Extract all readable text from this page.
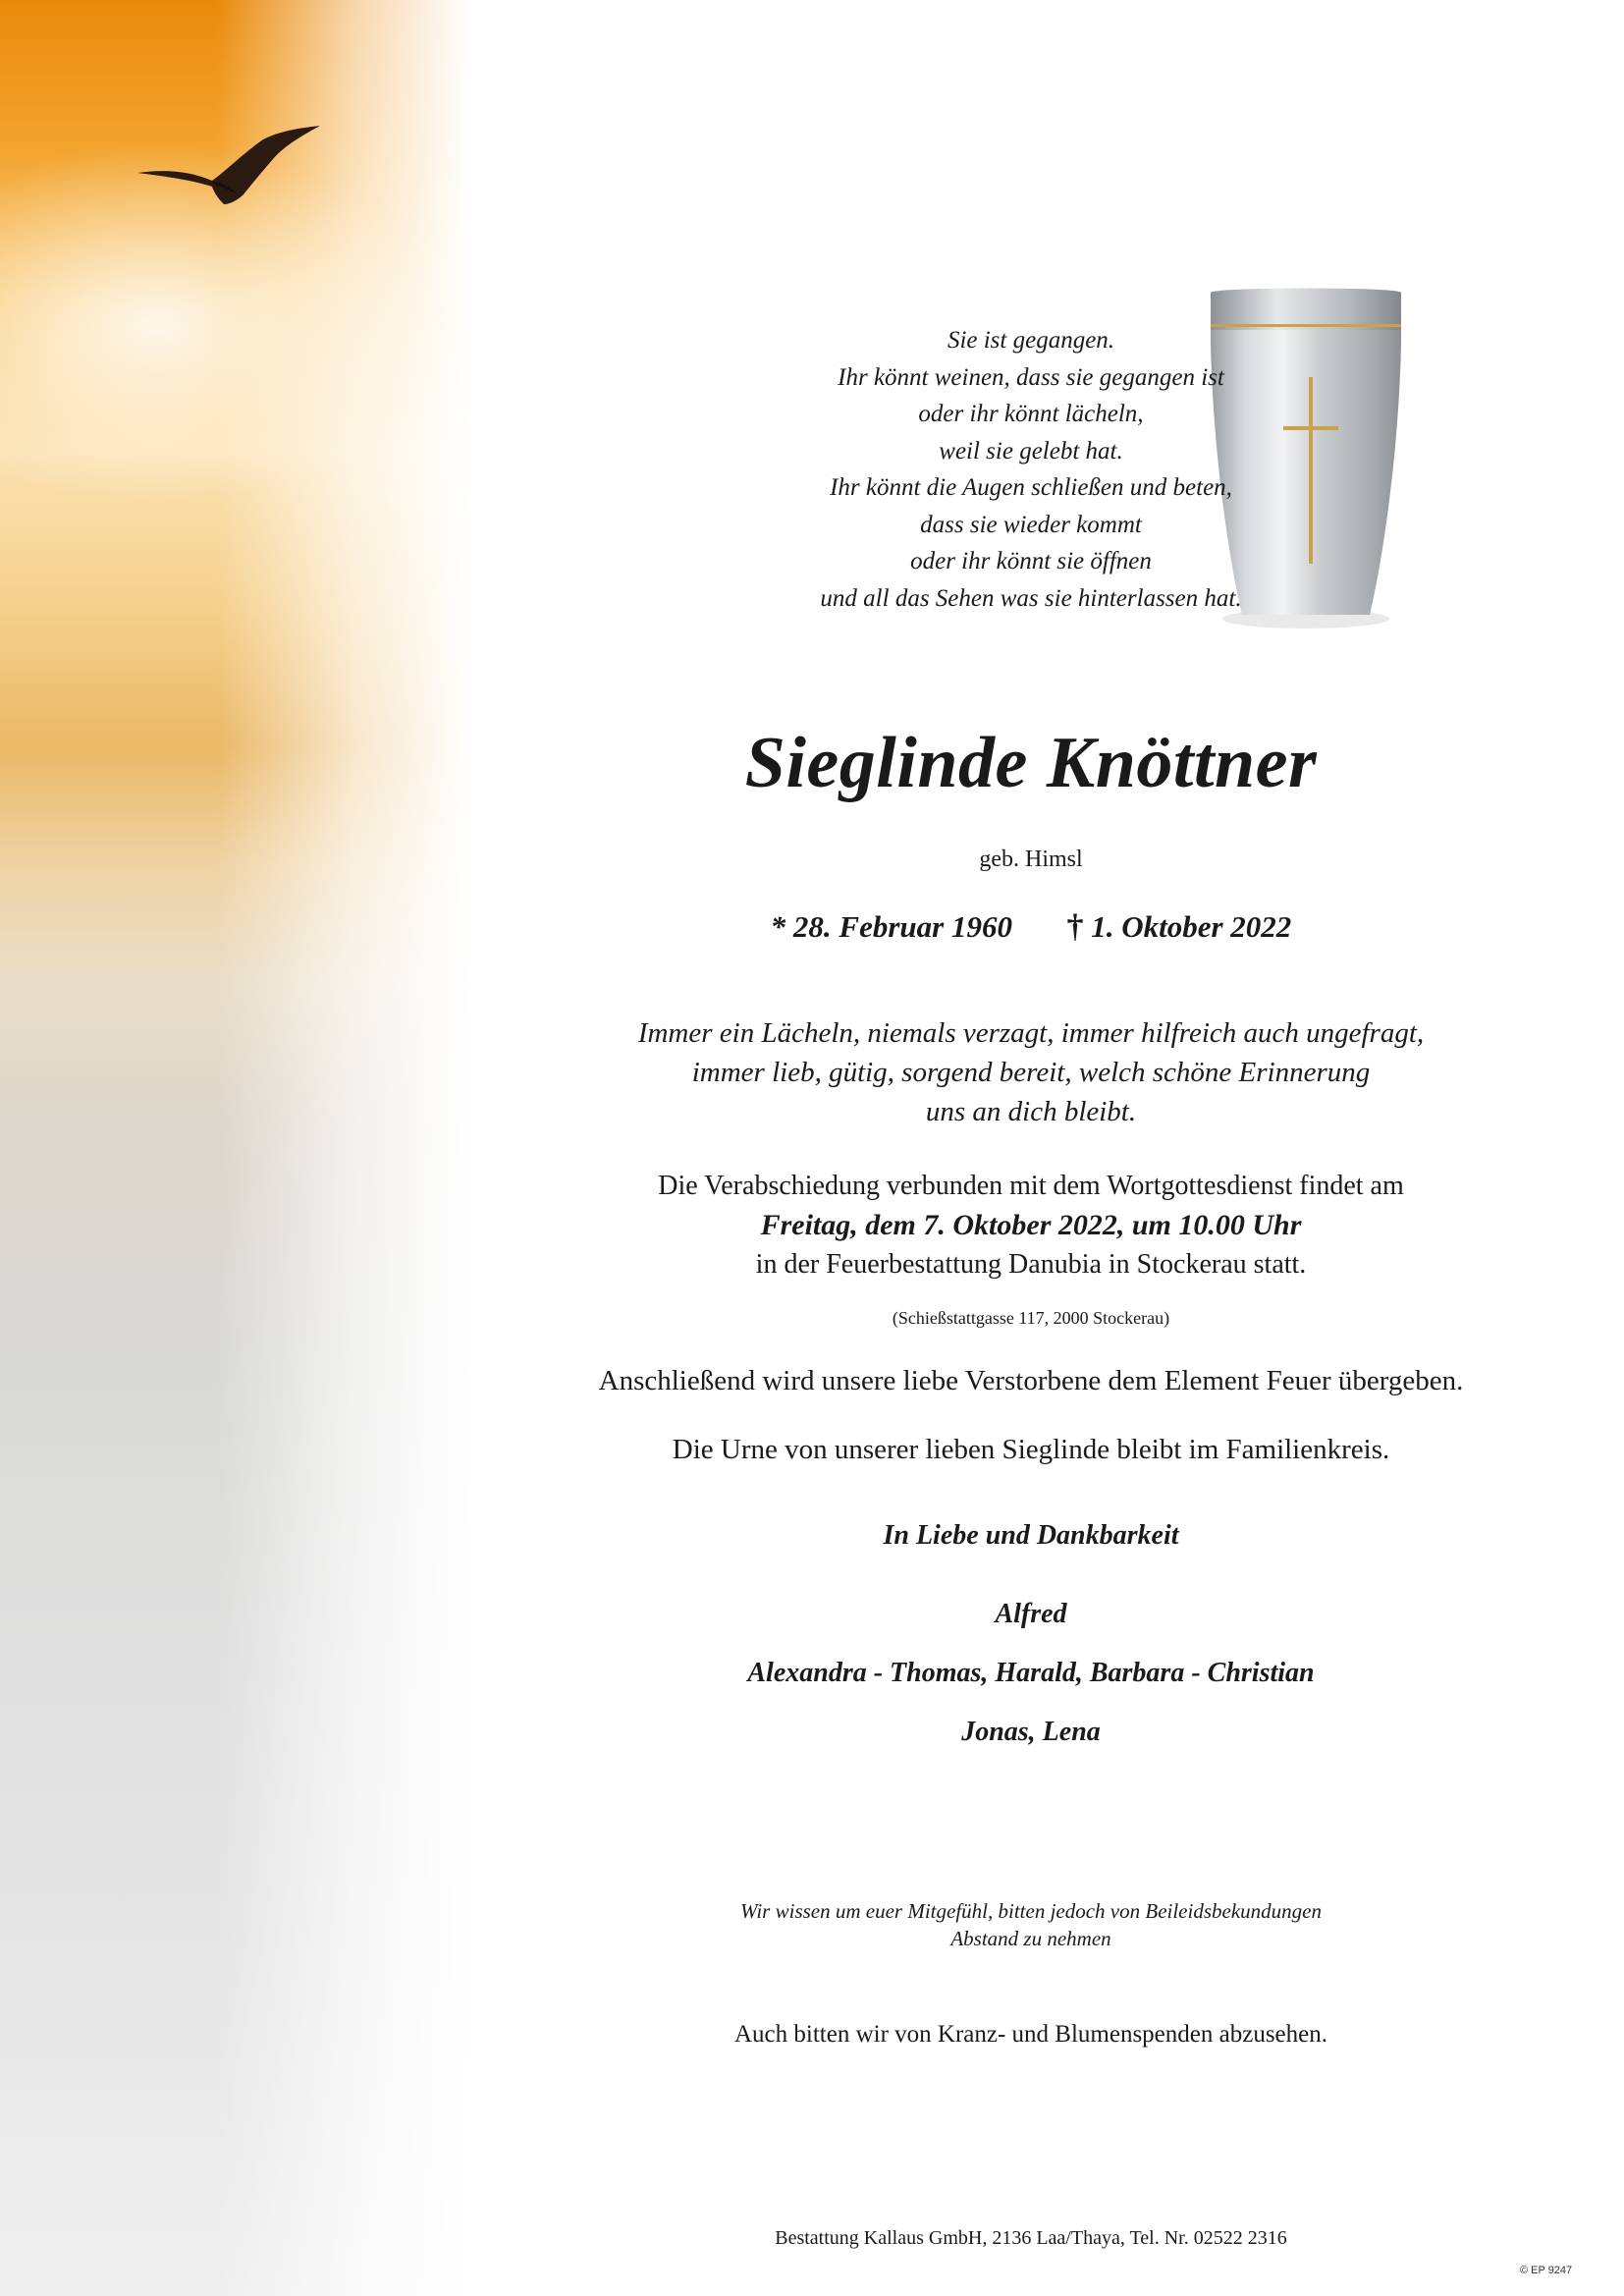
Sie ist gegangen.
Ihr könnt weinen, dass sie gegangen ist
oder ihr könnt lächeln,
weil sie gelebt hat.
Ihr könnt die Augen schließen und beten,
dass sie wieder kommt
oder ihr könnt sie öffnen
und all das Sehen was sie hinterlassen hat.
Sieglinde Knöttner
geb. Himsl
* 28. Februar 1960 † 1. Oktober 2022
Immer ein Lächeln, niemals verzagt, immer hilfreich auch ungefragt,
immer lieb, gütig, sorgend bereit, welch schöne Erinnerung
uns an dich bleibt.
Die Verabschiedung verbunden mit dem Wortgottesdienst findet am
Freitag, dem 7. Oktober 2022, um 10.00 Uhr
in der Feuerbestattung Danubia in Stockerau statt.
(Schießstattgasse 117, 2000 Stockerau)
Anschließend wird unsere liebe Verstorbene dem Element Feuer übergeben.
Die Urne von unserer lieben Sieglinde bleibt im Familienkreis.
In Liebe und Dankbarkeit
Alfred
Alexandra - Thomas, Harald, Barbara - Christian
Jonas, Lena
Wir wissen um euer Mitgefühl, bitten jedoch von Beileidsbekundungen
Abstand zu nehmen
Auch bitten wir von Kranz- und Blumenspenden abzusehen.
Bestattung Kallaus GmbH, 2136 Laa/Thaya, Tel. Nr. 02522 2316
© EP 9247
